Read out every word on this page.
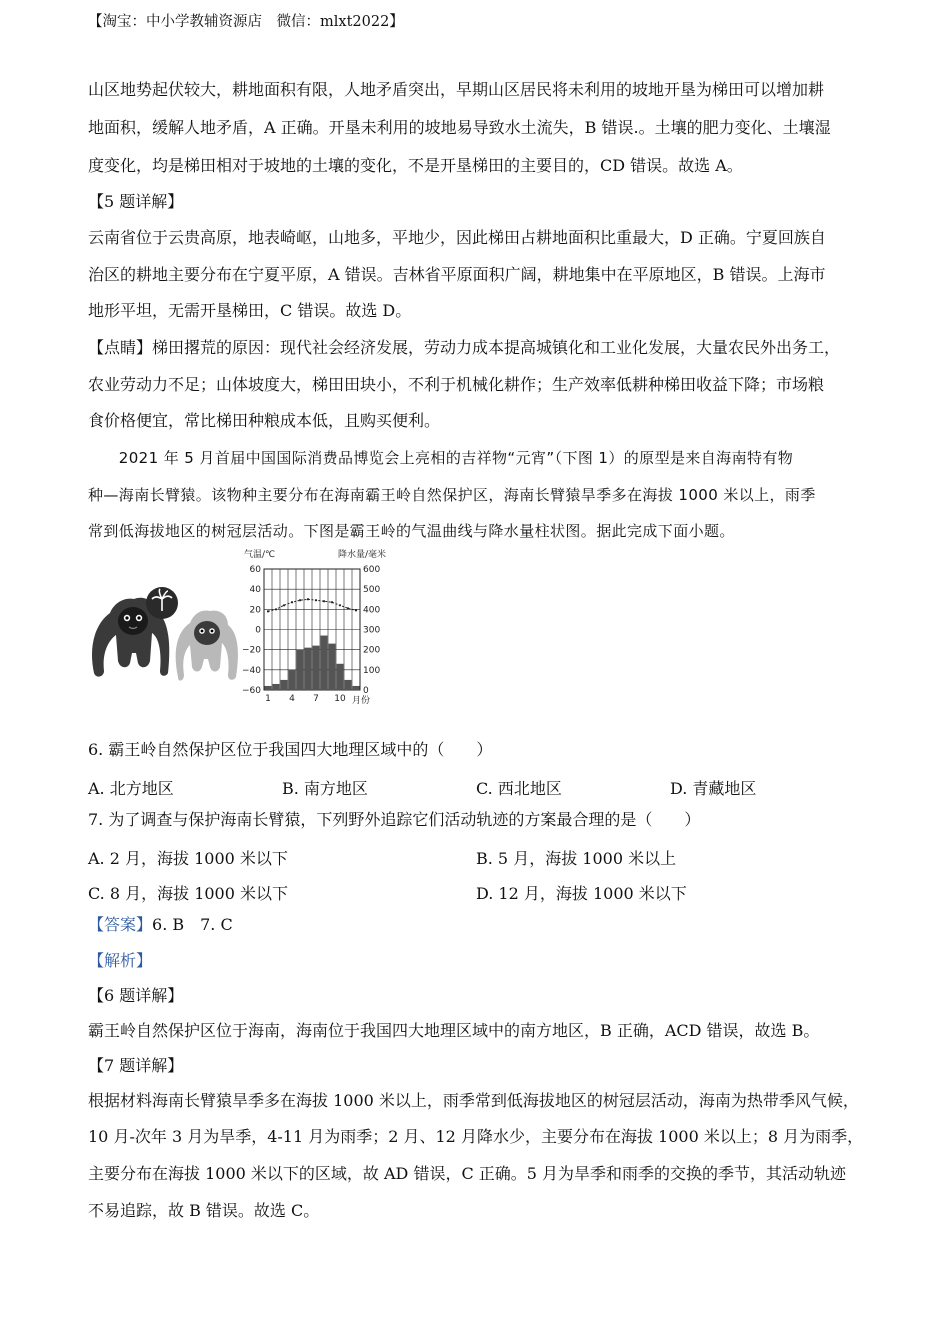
【淘宝：中小学教辅资源店　微信：mlxt2022】
山区地势起伏较大，耕地面积有限，人地矛盾突出，早期山区居民将未利用的坡地开垦为梯田可以增加耕
地面积，缓解人地矛盾，A 正确。开垦未利用的坡地易导致水土流失，B 错误.。土壤的肥力变化、土壤湿
度变化，均是梯田相对于坡地的土壤的变化，不是开垦梯田的主要目的，CD 错误。故选 A。
【5 题详解】
云南省位于云贵高原，地表崎岖，山地多，平地少，因此梯田占耕地面积比重最大，D 正确。宁夏回族自
治区的耕地主要分布在宁夏平原，A 错误。吉林省平原面积广阔，耕地集中在平原地区，B 错误。上海市
地形平坦，无需开垦梯田，C 错误。故选 D。
【点睛】梯田撂荒的原因：现代社会经济发展，劳动力成本提高城镇化和工业化发展，大量农民外出务工，
农业劳动力不足；山体坡度大，梯田田块小，不利于机械化耕作；生产效率低耕种梯田收益下降；市场粮
食价格便宜，常比梯田种粮成本低，且购买便利。
　　2021 年 5 月首届中国国际消费品博览会上亮相的吉祥物“元宵”（下图 1）的原型是来自海南特有物
种—海南长臂猿。该物种主要分布在海南霸王岭自然保护区，海南长臂猿旱季多在海拔 1000 米以上，雨季
常到低海拔地区的树冠层活动。下图是霸王岭的气温曲线与降水量柱状图。据此完成下面小题。
气温/℃	降水量/毫米
60
40
20
0
−20
−40
−60
600
500
400
300
200
100
0
1 4 7 10 月份
6. 霸王岭自然保护区位于我国四大地理区域中的（　　）
A. 北方地区	B. 南方地区	C. 西北地区	D. 青藏地区
7. 为了调查与保护海南长臂猿，下列野外追踪它们活动轨迹的方案最合理的是（　　）
A. 2 月，海拔 1000 米以下	B. 5 月，海拔 1000 米以上
C. 8 月，海拔 1000 米以下	D. 12 月，海拔 1000 米以下
【答案】6. B　7. C
【解析】
【6 题详解】
霸王岭自然保护区位于海南，海南位于我国四大地理区域中的南方地区，B 正确，ACD 错误，故选 B。
【7 题详解】
根据材料海南长臂猿旱季多在海拔 1000 米以上，雨季常到低海拔地区的树冠层活动，海南为热带季风气候，
10 月-次年 3 月为旱季，4-11 月为雨季；2 月、12 月降水少，主要分布在海拔 1000 米以上；8 月为雨季，
主要分布在海拔 1000 米以下的区域，故 AD 错误，C 正确。5 月为旱季和雨季的交换的季节，其活动轨迹
不易追踪，故 B 错误。故选 C。
